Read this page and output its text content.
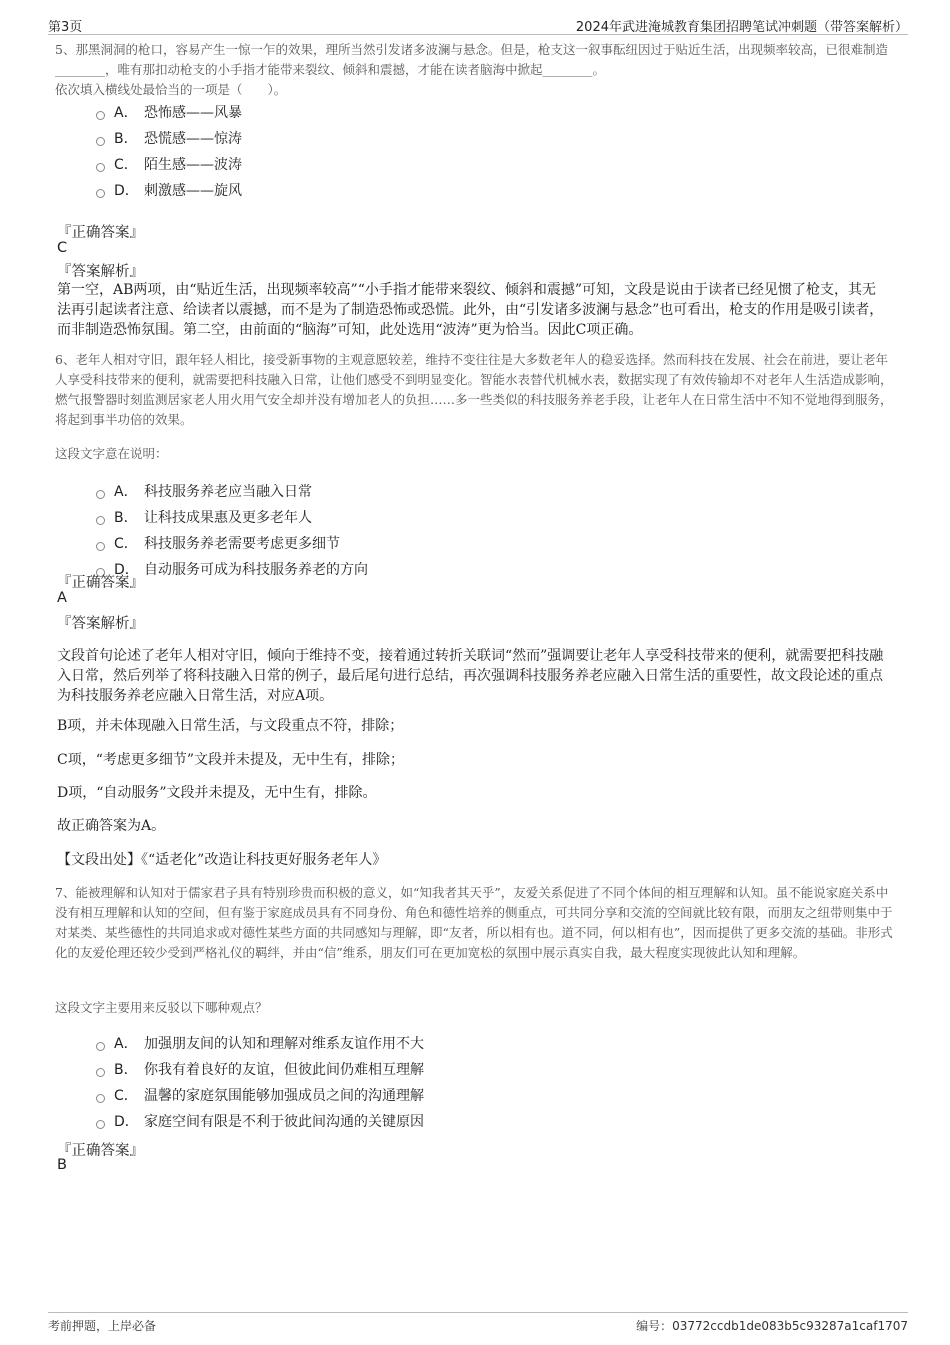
第3页	2024年武进淹城教育集团招聘笔试冲刺题（带答案解析）

5、那黑洞洞的枪口，容易产生一惊一乍的效果，理所当然引发诸多波澜与悬念。但是，枪支这一叙事酝纽因过于贴近生活，出现频率较高，已很难制造________，唯有那扣动枪支的小手指才能带来裂纹、倾斜和震撼，才能在读者脑海中掀起________。

依次填入横线处最恰当的一项是（　　）。

A． 恐怖感——风暴
B． 恐慌感——惊涛
C． 陌生感——波涛
D． 刺激感——旋风
『正确答案』
C
『答案解析』

第一空，AB两项，由“贴近生活，出现频率较高”“小手指才能带来裂纹、倾斜和震撼”可知，文段是说由于读者已经见惯了枪支，其无法再引起读者注意、给读者以震撼，而不是为了制造恐怖或恐慌。此外，由“引发诸多波澜与悬念”也可看出，枪支的作用是吸引读者，而非制造恐怖氛围。第二空，由前面的“脑海”可知，此处选用“波涛”更为恰当。因此C项正确。

6、老年人相对守旧，跟年轻人相比，接受新事物的主观意愿较差，维持不变往往是大多数老年人的稳妥选择。然而科技在发展、社会在前进，要让老年人享受科技带来的便利，就需要把科技融入日常，让他们感受不到明显变化。智能水表替代机械水表，数据实现了有效传输却不对老年人生活造成影响，燃气报警器时刻监测居家老人用火用气安全却并没有增加老人的负担……多一些类似的科技服务养老手段，让老年人在日常生活中不知不觉地得到服务，将起到事半功倍的效果。

这段文字意在说明：

A． 科技服务养老应当融入日常
B． 让科技成果惠及更多老年人
C． 科技服务养老需要考虑更多细节
D． 自动服务可成为科技服务养老的方向
『正确答案』
A
『答案解析』

文段首句论述了老年人相对守旧，倾向于维持不变，接着通过转折关联词“然而”强调要让老年人享受科技带来的便利，就需要把科技融入日常，然后列举了将科技融入日常的例子，最后尾句进行总结，再次强调科技服务养老应融入日常生活的重要性，故文段论述的重点为科技服务养老应融入日常生活，对应A项。

B项，并未体现融入日常生活，与文段重点不符，排除；

C项，“考虑更多细节”文段并未提及，无中生有，排除；

D项，“自动服务”文段并未提及，无中生有，排除。

故正确答案为A。

【文段出处】《“适老化”改造让科技更好服务老年人》

7、能被理解和认知对于儒家君子具有特别珍贵而积极的意义，如“知我者其天乎”，友爱关系促进了不同个体间的相互理解和认知。虽不能说家庭关系中没有相互理解和认知的空间，但有鉴于家庭成员具有不同身份、角色和德性培养的侧重点，可共同分享和交流的空间就比较有限，而朋友之纽带则集中于对某类、某些德性的共同追求或对德性某些方面的共同感知与理解，即“友者，所以相有也。道不同，何以相有也”，因而提供了更多交流的基础。非形式化的友爱伦理还较少受到严格礼仪的羁绊，并由“信”维系，朋友们可在更加宽松的氛围中展示真实自我，最大程度实现彼此认知和理解。

这段文字主要用来反驳以下哪种观点？

A． 加强朋友间的认知和理解对维系友谊作用不大
B． 你我有着良好的友谊，但彼此间仍难相互理解
C． 温馨的家庭氛围能够加强成员之间的沟通理解
D． 家庭空间有限是不利于彼此间沟通的关键原因
『正确答案』
B
考前押题，上岸必备	编号：03772ccdb1de083b5c93287a1caf1707
